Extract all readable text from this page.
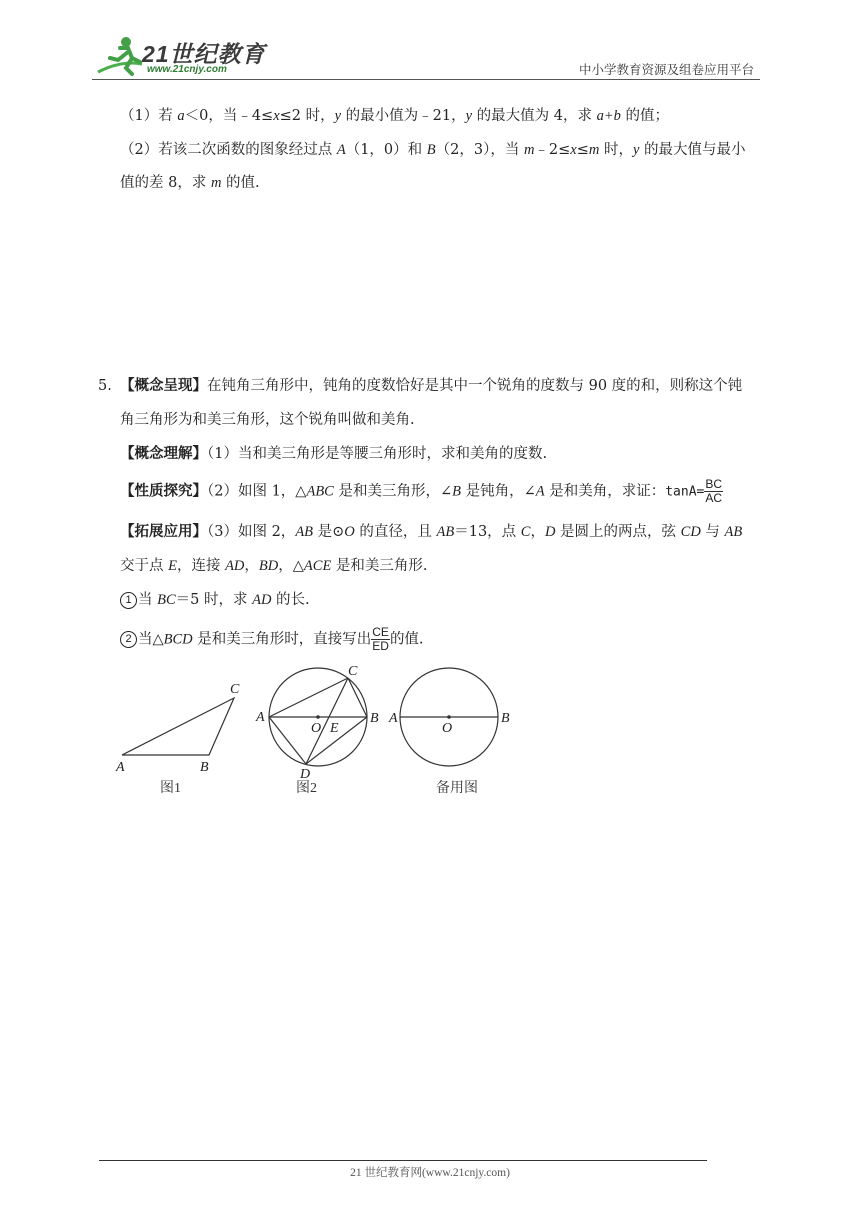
21世纪教育
www.21cnjy.com	中小学教育资源及组卷应用平台
（1）若 a＜0，当﹣4≤x≤2 时，y 的最小值为﹣21，y 的最大值为 4，求 a+b 的值；
（2）若该二次函数的图象经过点 A（1，0）和 B（2，3），当 m﹣2≤x≤m 时，y 的最大值与最小
值的差 8，求 m 的值.
5. 【概念呈现】在钝角三角形中，钝角的度数恰好是其中一个锐角的度数与 90 度的和，则称这个钝
角三角形为和美三角形，这个锐角叫做和美角.
【概念理解】（1）当和美三角形是等腰三角形时，求和美角的度数.
【性质探究】（2）如图 1，△ABC 是和美三角形，∠B 是钝角，∠A 是和美角，求证：$\tan A= \frac{BC}{AC}$
【拓展应用】（3）如图 2，AB 是⊙O 的直径，且 AB＝13，点 C，D 是圆上的两点，弦 CD 与 AB
交于点 E，连接 AD，BD，△ACE 是和美三角形.
1 当 BC＝5 时，求 AD 的长.
2 当△BCD 是和美三角形时，直接写出 $\frac{CE}{ED}$ 的值.
A	B
C
图1
A	B
C
D
O E
图2
A	B
O
备用图
21 世纪教育网(www.21cnjy.com)
